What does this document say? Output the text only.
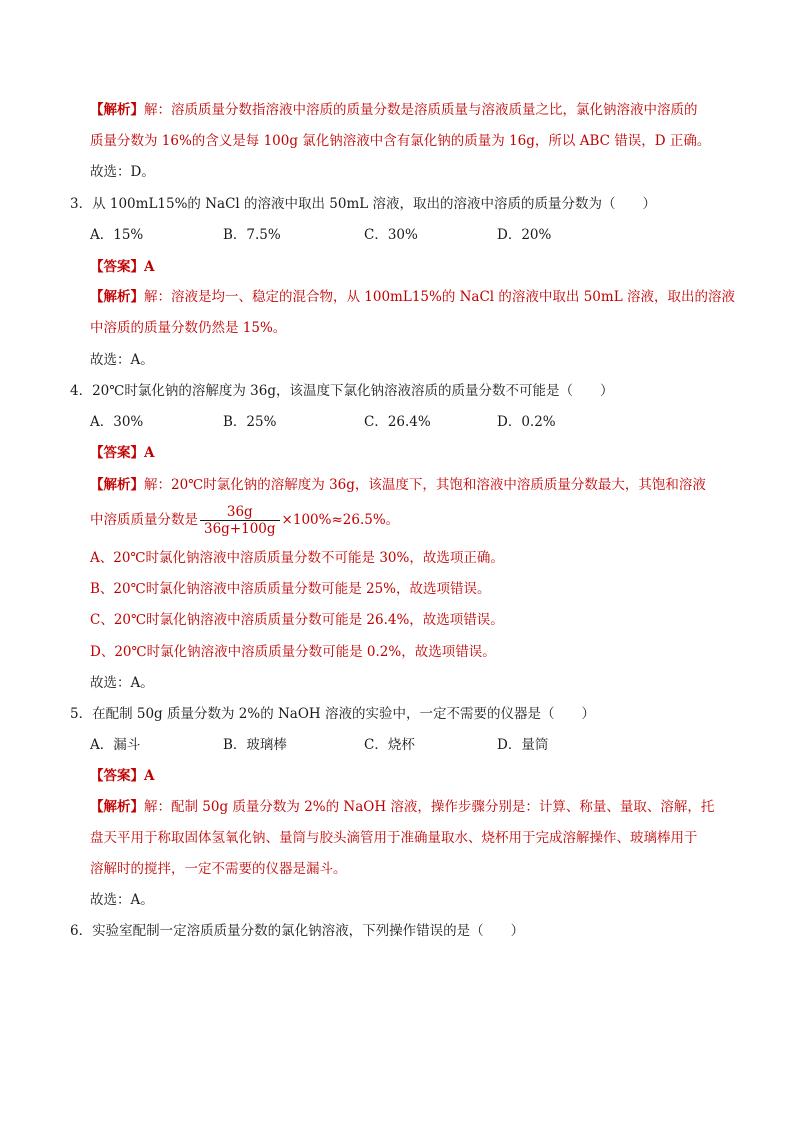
【解析】解：溶质质量分数指溶液中溶质的质量分数是溶质质量与溶液质量之比，氯化钠溶液中溶质的
质量分数为 16%的含义是每 100g 氯化钠溶液中含有氯化钠的质量为 16g，所以 ABC 错误，D 正确。
故选：D。
3．从 100mL15%的 NaCl 的溶液中取出 50mL 溶液，取出的溶液中溶质的质量分数为（　　）
A．15%	B．7.5%	C．30%	D．20%
【答案】A
【解析】解：溶液是均一、稳定的混合物，从 100mL15%的 NaCl 的溶液中取出 50mL 溶液，取出的溶液
中溶质的质量分数仍然是 15%。
故选：A。
4．20℃时氯化钠的溶解度为 36g，该温度下氯化钠溶液溶质的质量分数不可能是（　　）
A．30%	B．25%	C．26.4%	D．0.2%
【答案】A
【解析】解：20℃时氯化钠的溶解度为 36g，该温度下，其饱和溶液中溶质质量分数最大，其饱和溶液
中溶质质量分数是 $\frac{36g}{36g+100g} \times 100\%\approx 26.5\%$。
A、20℃时氯化钠溶液中溶质质量分数不可能是 30%，故选项正确。
B、20℃时氯化钠溶液中溶质质量分数可能是 25%，故选项错误。
C、20℃时氯化钠溶液中溶质质量分数可能是 26.4%，故选项错误。
D、20℃时氯化钠溶液中溶质质量分数可能是 0.2%，故选项错误。
故选：A。
5．在配制 50g 质量分数为 2%的 NaOH 溶液的实验中，一定不需要的仪器是（　　）
A．漏斗	B．玻璃棒	C．烧杯	D．量筒
【答案】A
【解析】解：配制 50g 质量分数为 2%的 NaOH 溶液，操作步骤分别是：计算、称量、量取、溶解，托
盘天平用于称取固体氢氧化钠、量筒与胶头滴管用于准确量取水、烧杯用于完成溶解操作、玻璃棒用于
溶解时的搅拌，一定不需要的仪器是漏斗。
故选：A。
6．实验室配制一定溶质质量分数的氯化钠溶液，下列操作错误的是（　　）
